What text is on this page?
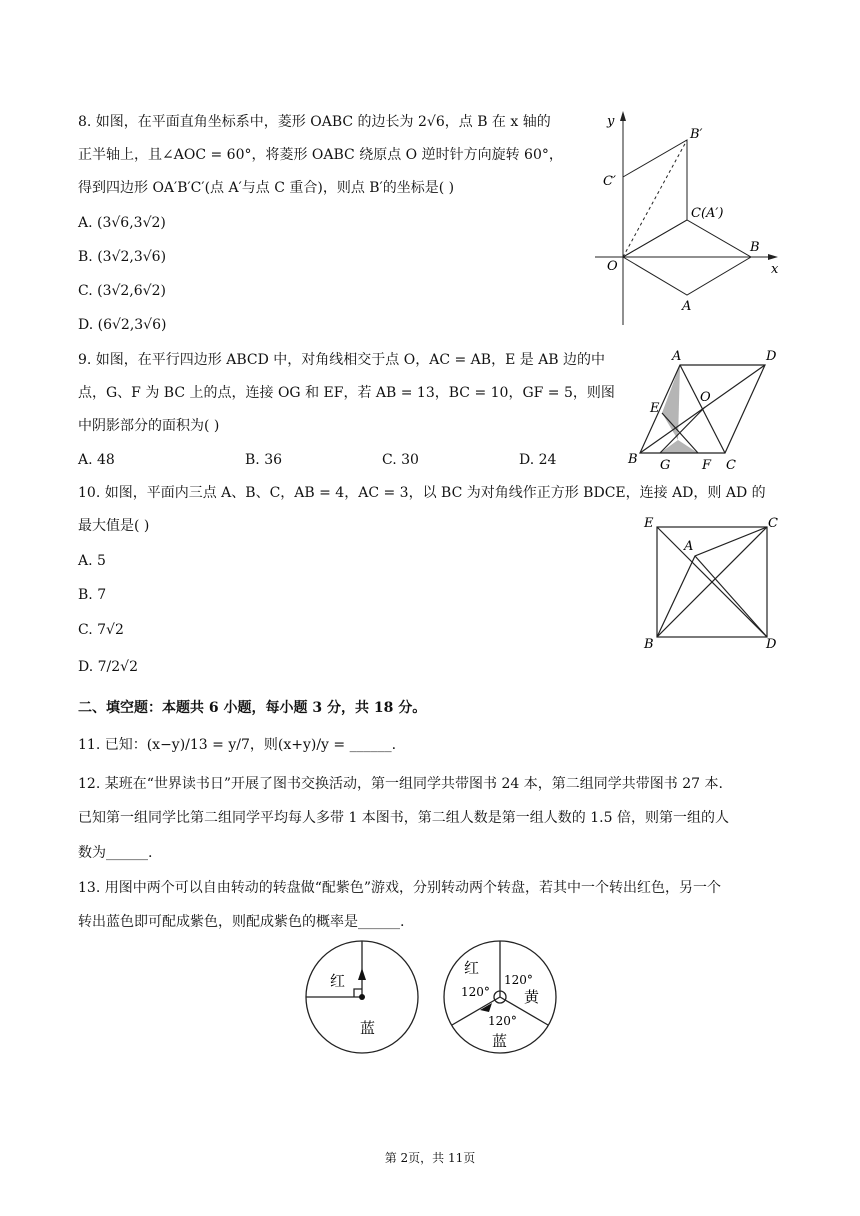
8. 如图，在平面直角坐标系中，菱形 OABC 的边长为 2√6，点 B 在 x 轴的
正半轴上，且∠AOC = 60°，将菱形 OABC 绕原点 O 逆时针方向旋转 60°，
得到四边形 OA′B′C′(点 A′与点 C 重合)，则点 B′的坐标是( )
A. (3√6,3√2)
B. (3√2,3√6)
C. (3√2,6√2)
D. (6√2,3√6)
y
x
O
A
B
B′
C(A′)
C′
9. 如图，在平行四边形 ABCD 中，对角线相交于点 O，AC = AB，E 是 AB 边的中
点，G、F 为 BC 上的点，连接 OG 和 EF，若 AB = 13，BC = 10，GF = 5，则图
中阴影部分的面积为( )
A. 48	B. 36	C. 30	D. 24
A	D
O
E
B G F C
10. 如图，平面内三点 A、B、C，AB = 4，AC = 3，以 BC 为对角线作正方形 BDCE，连接 AD，则 AD 的
最大值是( )
A. 5
B. 7
C. 7√2
D. 7/2√2
E	C
A
B	D
二、填空题：本题共 6 小题，每小题 3 分，共 18 分。
11. 已知：(x−y)/13 = y/7，则(x+y)/y = ______.
12. 某班在“世界读书日”开展了图书交换活动，第一组同学共带图书 24 本，第二组同学共带图书 27 本.
已知第一组同学比第二组同学平均每人多带 1 本图书，第二组人数是第一组人数的 1.5 倍，则第一组的人
数为______.
13. 用图中两个可以自由转动的转盘做“配紫色”游戏，分别转动两个转盘，若其中一个转出红色，另一个
转出蓝色即可配成紫色，则配成紫色的概率是______.
红
蓝
红
120°
120°
黄
120°
蓝
第 2页，共 11页
